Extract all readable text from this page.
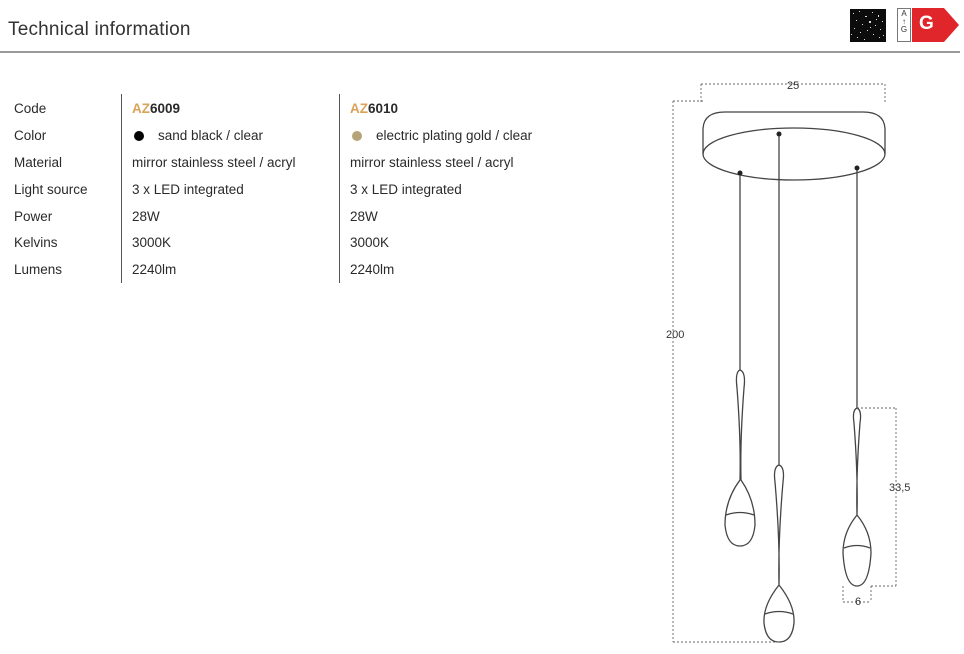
Technical information
A
↑
G G
Code
Color
Material
Light source
Power
Kelvins
Lumens
AZ6009
sand black / clear
mirror stainless steel / acryl
3 x LED integrated
28W
3000K
2240lm
AZ6010
electric plating gold / clear
mirror stainless steel / acryl
3 x LED integrated
28W
3000K
2240lm
25
200
33,5
6
